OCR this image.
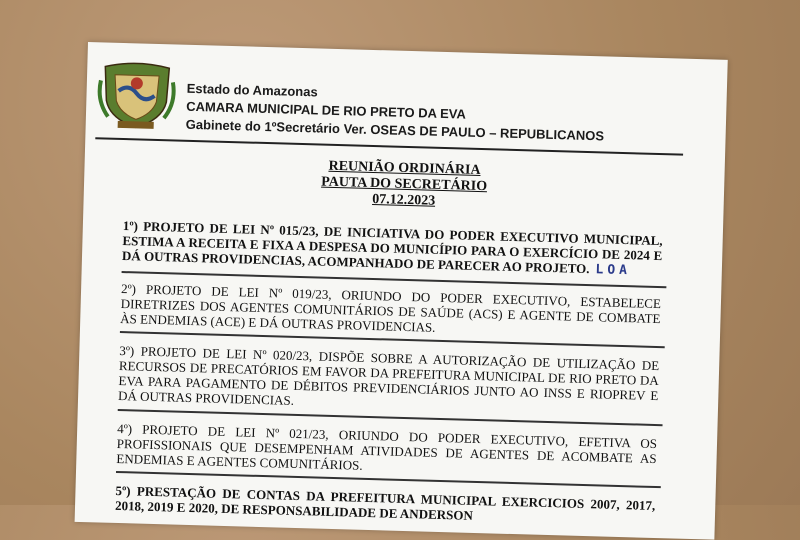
Estado do Amazonas
CAMARA MUNICIPAL DE RIO PRETO DA EVA
Gabinete do 1ºSecretário Ver. OSEAS DE PAULO – REPUBLICANOS
REUNIÃO ORDINÁRIA
PAUTA DO SECRETÁRIO
07.12.2023
1º) PROJETO DE LEI Nº 015/23, DE INICIATIVA DO PODER EXECUTIVO MUNICIPAL, ESTIMA A RECEITA E FIXA A DESPESA DO MUNICÍPIO PARA O EXERCÍCIO DE 2024 E DÁ OUTRAS PROVIDENCIAS, ACOMPANHADO DE PARECER AO PROJETO. LOA
2º) PROJETO DE LEI Nº 019/23, ORIUNDO DO PODER EXECUTIVO, ESTABELECE DIRETRIZES DOS AGENTES COMUNITÁRIOS DE SAÚDE (ACS) E AGENTE DE COMBATE ÀS ENDEMIAS (ACE) E DÁ OUTRAS PROVIDENCIAS.
3º) PROJETO DE LEI Nº 020/23, DISPÕE SOBRE A AUTORIZAÇÃO DE UTILIZAÇÃO DE RECURSOS DE PRECATÓRIOS EM FAVOR DA PREFEITURA MUNICIPAL DE RIO PRETO DA EVA PARA PAGAMENTO DE DÉBITOS PREVIDENCIÁRIOS JUNTO AO INSS E RIOPREV E DÁ OUTRAS PROVIDENCIAS.
4º) PROJETO DE LEI Nº 021/23, ORIUNDO DO PODER EXECUTIVO, EFETIVA OS PROFISSIONAIS QUE DESEMPENHAM ATIVIDADES DE AGENTES DE ACOMBATE AS ENDEMIAS E AGENTES COMUNITÁRIOS.
5º) PRESTAÇÃO DE CONTAS DA PREFEITURA MUNICIPAL EXERCICIOS 2007, 2017, 2018, 2019 E 2020, DE RESPONSABILIDADE DE ANDERSON
